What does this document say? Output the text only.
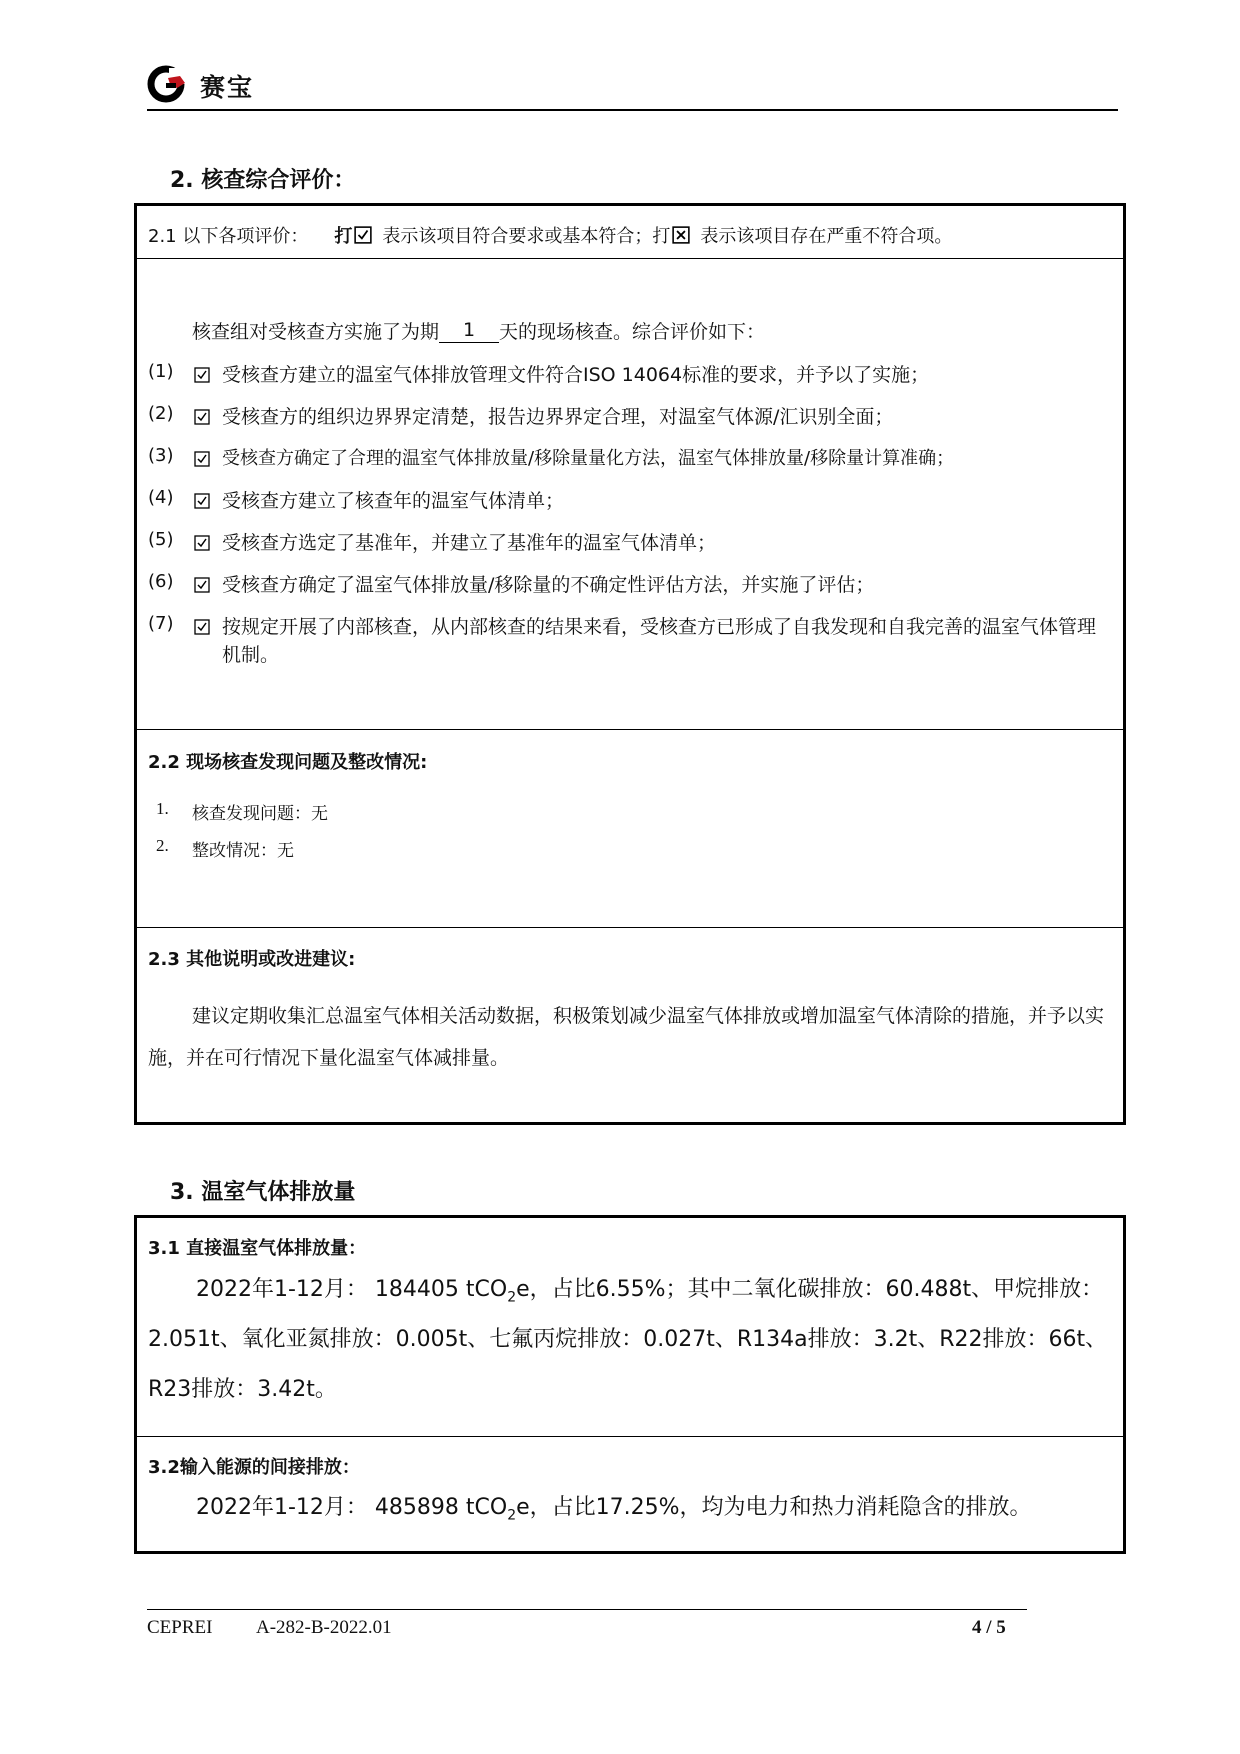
赛宝
2. 核查综合评价：
2.1 以下各项评价： 打 表示该项目符合要求或基本符合；打 ☒ 表示该项目存在严重不符合项。
核查组对受核查方实施了为期	1	天的现场核查。综合评价如下：
(1)	受核查方建立的温室气体排放管理文件符合ISO 14064标准的要求，并予以了实施；
(2)	受核查方的组织边界界定清楚，报告边界界定合理，对温室气体源/汇识别全面；
(3)	受核查方确定了合理的温室气体排放量/移除量量化方法，温室气体排放量/移除量计算准确；
(4)	受核查方建立了核查年的温室气体清单；
(5)	受核查方选定了基准年，并建立了基准年的温室气体清单；
(6)	受核查方确定了温室气体排放量/移除量的不确定性评估方法，并实施了评估；
(7)	按规定开展了内部核查，从内部核查的结果来看，受核查方已形成了自我发现和自我完善的温室气体管理机制。
2.2 现场核查发现问题及整改情况:
1.	核查发现问题：无
2.	整改情况：无
2.3 其他说明或改进建议:
建议定期收集汇总温室气体相关活动数据，积极策划减少温室气体排放或增加温室气体清除的措施，并予以实施，并在可行情况下量化温室气体减排量。
3. 温室气体排放量
3.1 直接温室气体排放量：
2022年1-12月： 184405 tCO$_2$e，占比6.55%；其中二氧化碳排放：60.488t、甲烷排放：
2.051t、氧化亚氮排放：0.005t、七氟丙烷排放：0.027t、R134a排放：3.2t、R22排放：66t、
R23排放：3.42t。
3.2输入能源的间接排放：
2022年1-12月： 485898 tCO$_2$e，占比17.25%，均为电力和热力消耗隐含的排放。
CEPREI A-282-B-2022.01	4 / 5
